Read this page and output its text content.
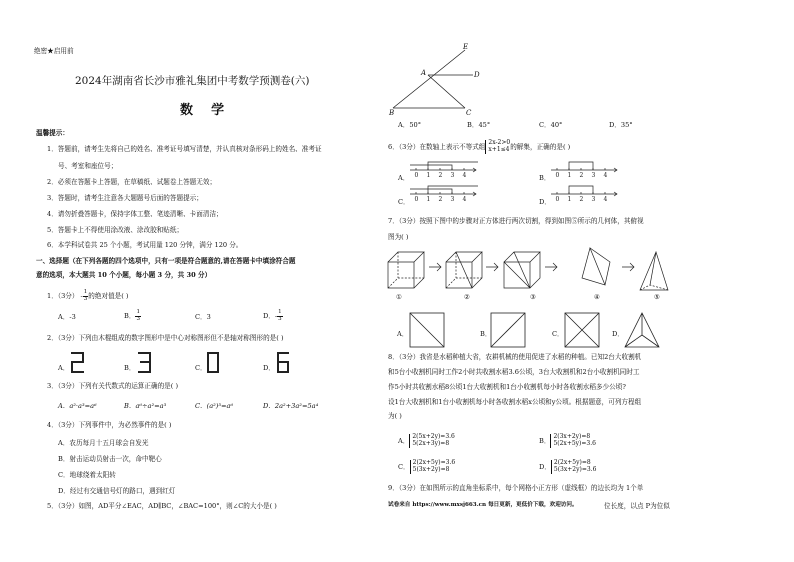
绝密★启用前
2024年湖南省长沙市雅礼集团中考数学预测卷(六)
数    学
温馨提示：
1．答题前，请考生先将自己的姓名、准考证号填写清楚，并认真核对条形码上的姓名、准考证
号、考室和座位号；
2．必须在答题卡上答题，在草稿纸、试题卷上答题无效；
3．答题时，请考生注意各大题题号后面的答题提示；
4．请勿折叠答题卡，保持字体工整、笔迹清晰、卡面清洁；
5．答题卡上不得使用涂改液、涂改胶和贴纸；
6．本学科试卷共 25 个小题，考试用量 120 分钟，满分 120 分。
一、选择题（在下列各题的四个选项中，只有一项是符合题意的,请在答题卡中填涂符合题
意的选项，本大题共 10 个小题，每小题 3 分，共 30 分）
1．（3分） - $\frac{1}{3}$的绝对值是( )
A．-3	B． $\frac{1}{3}$	C．3	D．- $\frac{1}{3}$
2．（3分）下列由木棍组成的数字图形中是中心对称图形但不是轴对称图形的是( )
A．	B．	C．	D．
3．（3分）下列有关代数式的运算正确的是( )
A．a²·a³=a⁶	B．a⁶÷a²=a³	C．(a²)³=a⁶	D．2a²+3a²=5a⁴
4．（3分）下列事件中，为必然事件的是( )
A．农历每月十五月球会自发光
B．射击运动员射击一次，命中靶心
C．地球绕着太阳转
D．经过有交通信号灯的路口，遇到红灯
5．（3分）如图，AD平分∠EAC，AD∥BC，∠BAC=100°，则∠C的大小是( )
E
A	D
B	C
A．50°	B．45°	C．40°	D．35°
6．（3分）在数轴上表示不等式组
2x-2>0
x+1≤4 的解集，正确的是( )
A．	B．
C．	D．
0 1 2 3 4	0 1 2 3 4
0 1 2 3 4	0 1 2 3 4
7．（3分）按照下图中的步骤对正方体进行两次切割，得到如图⑤所示的几何体，其俯视
图为( )
①	②	③	④	⑤
A．	B．	C．	D．
8．（3分）我省是水稻种植大省，农耕机械的使用促进了水稻的种植。已知2台大收割机
和5台小收割机同时工作2小时共收割水稻3.6公顷，3台大收割机和2台小收割机同时工
作5小时共收割水稻8公顷1台大收割机和1台小收割机每小时各收割水稻多少公顷?
设1台大收割机和1台小收割机每小时各收割水稻x公顷和y公顷。根据题意，可列方程组
为( )
A．
2(5x+2y)=3.6
5(2x+3y)=8	B．
2(3x+2y)=8
5(2x+5y)=3.6
C．
2(2x+5y)=3.6
5(3x+2y)=8	D．
2(2x+5y)=8
5(3x+2y)=3.6
9．（3分）在如图所示的直角坐标系中，每个网格小正方形（虚线框）的边长均为 1个单
位长度，以点 P为位似
试卷来自 https://www.mxsj663.cn 每日更新，更低价下载，欢迎访问。
